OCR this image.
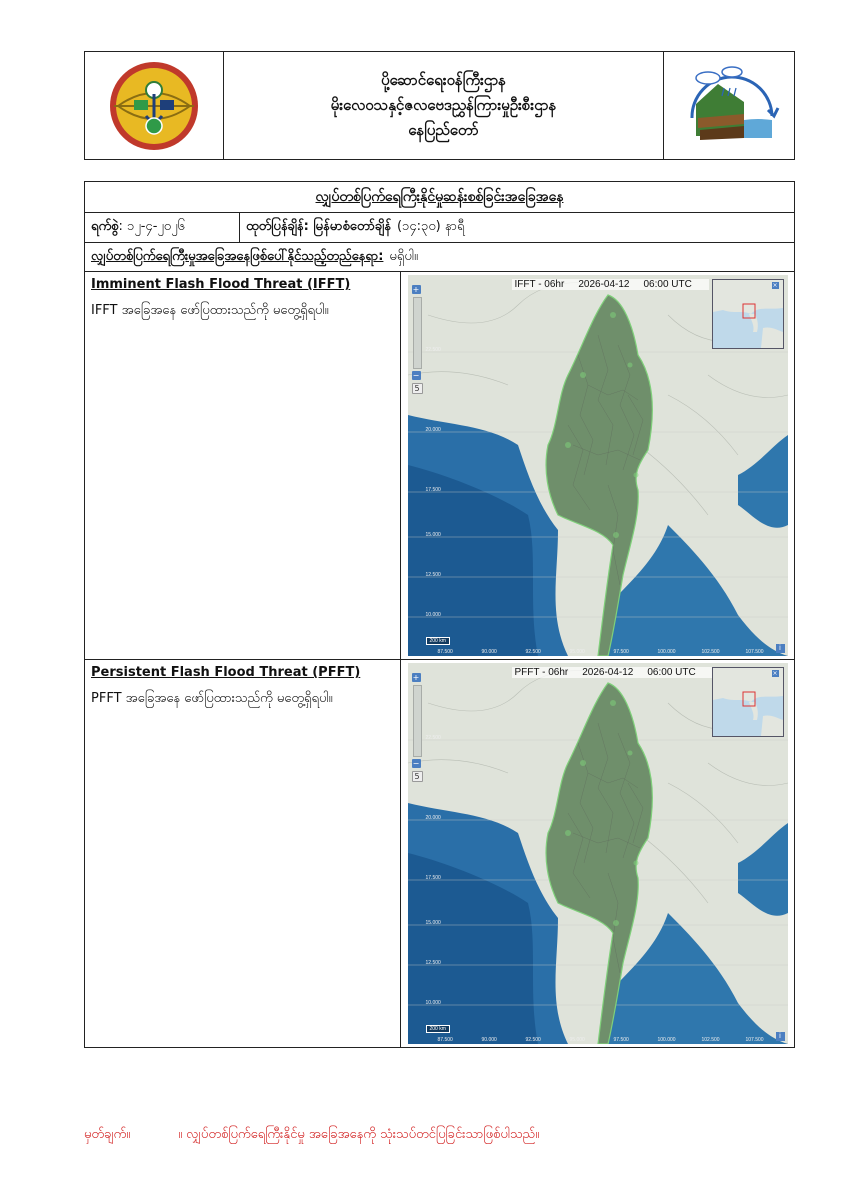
ပို့ဆောင်ရေးဝန်ကြီးဌာန
မိုးလေဝသနှင့်ဇလဗေဒညွှန်ကြားမှုဦးစီးဌာန
နေပြည်တော်
လျှပ်တစ်ပြက်ရေကြီးနိုင်မှုဆန်းစစ်ခြင်းအခြေအနေ
ရက်စွဲ : ၁၂-၄-၂၀၂၆	ထုတ်ပြန်ချိန်: မြန်မာစံတော်ချိန် (၁၄:၃၀) နာရီ
လျှပ်တစ်ပြက်ရေကြီးမှုအခြေအနေဖြစ်ပေါ်နိုင်သည့်တည်နေရာ: မရှိပါ။
Imminent Flash Flood Threat (IFFT)
IFFT အခြေအနေ ဖော်ပြထားသည်ကို မတွေ့ရှိရပါ။
+
−
5
IFFT - 06hr 2026-04-12 06:00 UTC	×
22.500
20.000
17.500
15.000
12.500
10.000
87.500	90.000	92.500	95.000	97.500	100.000	102.500	107.500
200 km
i
Persistent Flash Flood Threat (PFFT)
PFFT အခြေအနေ ဖော်ပြထားသည်ကို မတွေ့ရှိရပါ။
+
−
5
PFFT - 06hr 2026-04-12 06:00 UTC	×
22.500
20.000
17.500
15.000
12.500
10.000
87.500	90.000	92.500	95.000	97.500	100.000	102.500	107.500
200 km
i
မှတ်ချက်။	။ လျှပ်တစ်ပြက်ရေကြီးနိုင်မှု အခြေအနေကို သုံးသပ်တင်ပြခြင်းသာဖြစ်ပါသည်။
